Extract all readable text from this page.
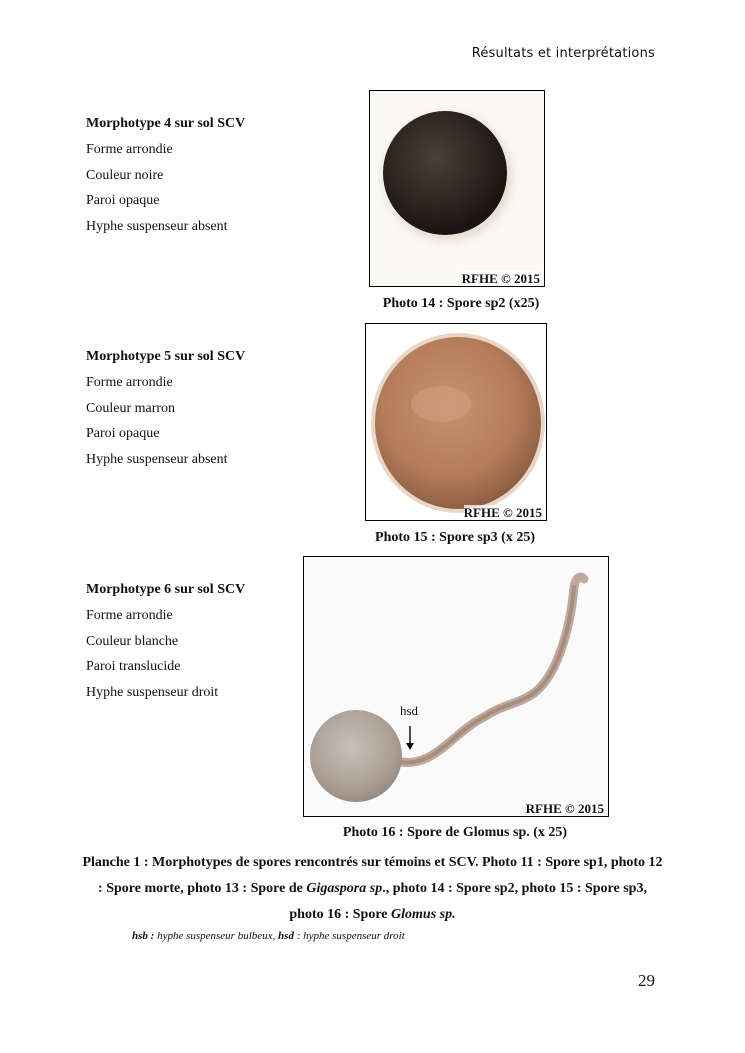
Résultats et interprétations
Morphotype 4 sur sol SCV
Forme arrondie
Couleur noire
Paroi opaque
Hyphe suspenseur absent
RFHE © 2015
Photo 14 : Spore sp2 (x25)
Morphotype 5 sur sol SCV
Forme arrondie
Couleur marron
Paroi opaque
Hyphe suspenseur absent
RFHE © 2015
Photo 15 : Spore sp3 (x 25)
Morphotype 6 sur sol SCV
Forme arrondie
Couleur blanche
Paroi translucide
Hyphe suspenseur droit
hsd
RFHE © 2015
Photo 16 : Spore de Glomus sp. (x 25)
Planche 1 : Morphotypes de spores rencontrés sur témoins et SCV. Photo 11 : Spore sp1, photo 12 : Spore morte, photo 13 : Spore de Gigaspora sp., photo 14 : Spore sp2, photo 15 : Spore sp3, photo 16 : Spore Glomus sp.
hsb : hyphe suspenseur bulbeux, hsd : hyphe suspenseur droit
29
